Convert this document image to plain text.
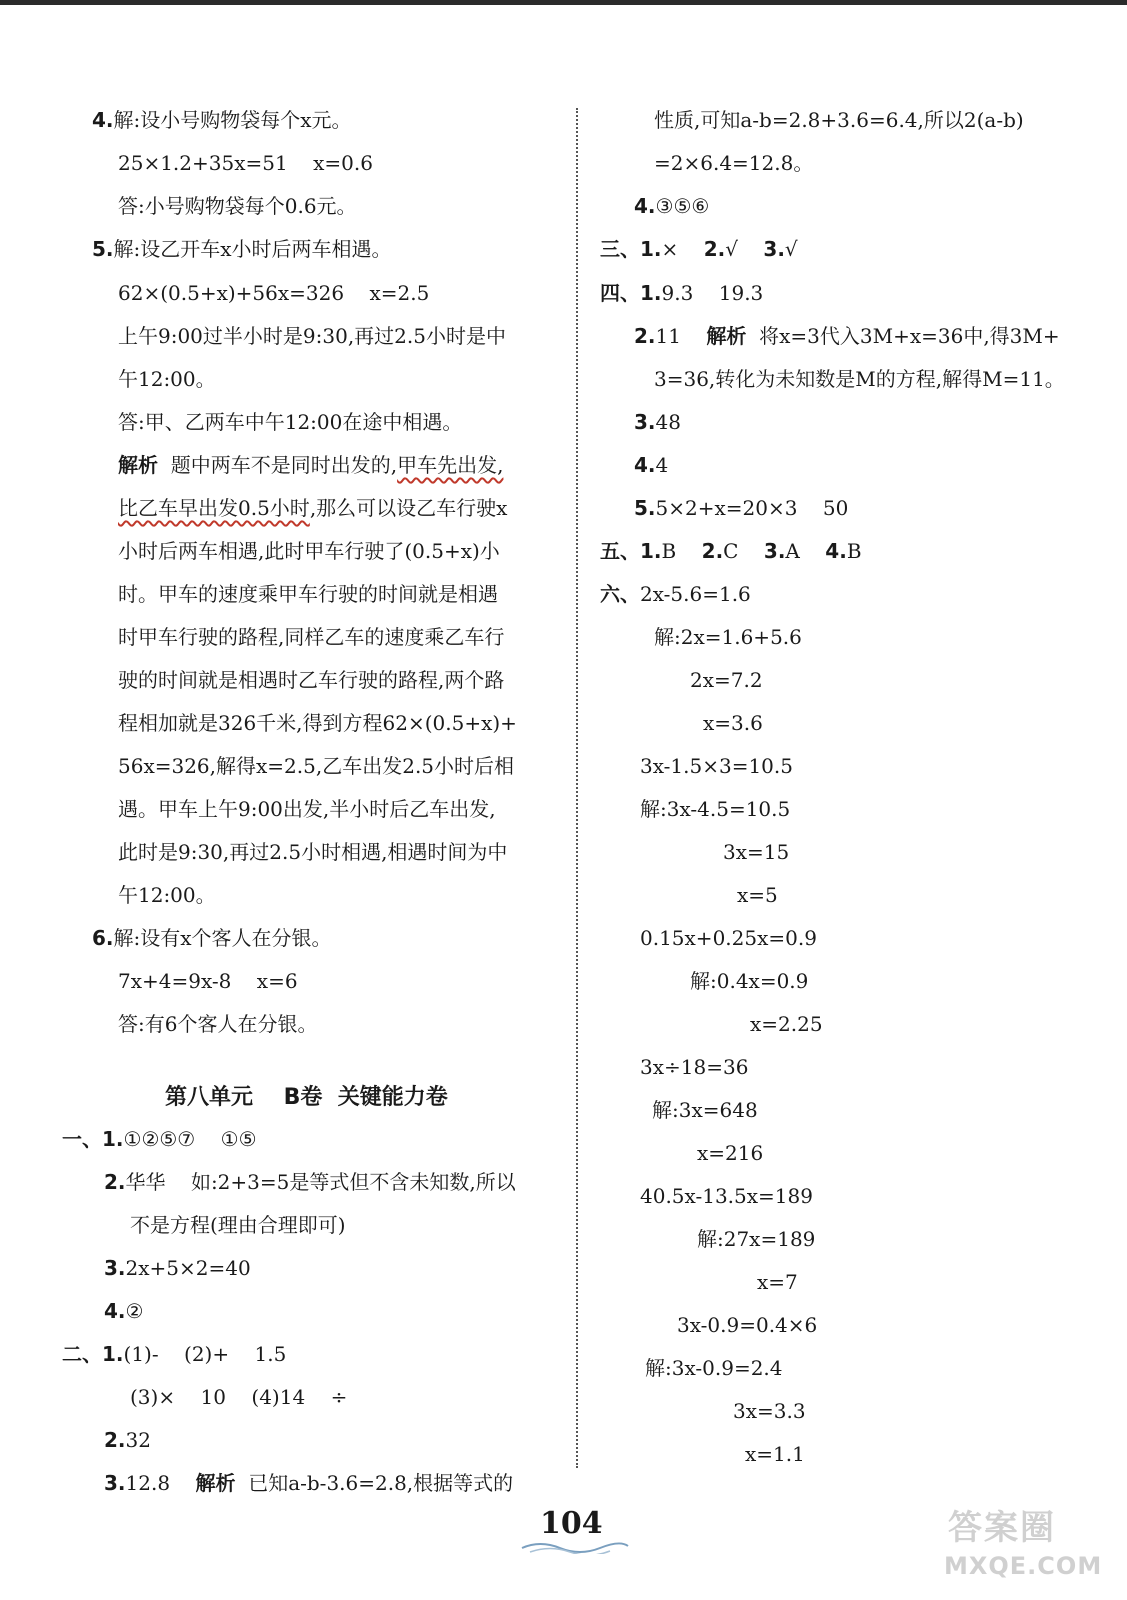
4.解:设小号购物袋每个x元。
25×1.2+35x=51    x=0.6
答:小号购物袋每个0.6元。
5.解:设乙开车x小时后两车相遇。
62×(0.5+x)+56x=326    x=2.5
上午9:00过半小时是9:30,再过2.5小时是中
午12:00。
答:甲、乙两车中午12:00在途中相遇。
解析  题中两车不是同时出发的,甲车先出发,
比乙车早出发0.5小时,那么可以设乙车行驶x
小时后两车相遇,此时甲车行驶了(0.5+x)小
时。甲车的速度乘甲车行驶的时间就是相遇
时甲车行驶的路程,同样乙车的速度乘乙车行
驶的时间就是相遇时乙车行驶的路程,两个路
程相加就是326千米,得到方程62×(0.5+x)+
56x=326,解得x=2.5,乙车出发2.5小时后相
遇。甲车上午9:00出发,半小时后乙车出发,
此时是9:30,再过2.5小时相遇,相遇时间为中
午12:00。
6.解:设有x个客人在分银。
7x+4=9x-8    x=6
答:有6个客人在分银。
第八单元    B卷  关键能力卷
一、1.①②⑤⑦    ①⑤
2.华华    如:2+3=5是等式但不含未知数,所以
不是方程(理由合理即可)
3.2x+5×2=40
4.②
二、1.(1)-    (2)+    1.5
(3)×    10    (4)14    ÷
2.32
3.12.8 解析  已知a-b-3.6=2.8,根据等式的
性质,可知a-b=2.8+3.6=6.4,所以2(a-b)
=2×6.4=12.8。
4.③⑤⑥
三、1.×    2.√    3.√
四、1.9.3    19.3
2.11    解析  将x=3代入3M+x=36中,得3M+
3=36,转化为未知数是M的方程,解得M=11。
3.48
4.4
5.5×2+x=20×3    50
五、1.B    2.C    3.A    4.B
六、2x-5.6=1.6
解:2x=1.6+5.6
2x=7.2
x=3.6
3x-1.5×3=10.5
解:3x-4.5=10.5
3x=15
x=5
0.15x+0.25x=0.9
解:0.4x=0.9
x=2.25
3x÷18=36
解:3x=648
x=216
40.5x-13.5x=189
解:27x=189
x=7
3x-0.9=0.4×6
解:3x-0.9=2.4
3x=3.3
x=1.1
104	答案圈
MXQE.COM
